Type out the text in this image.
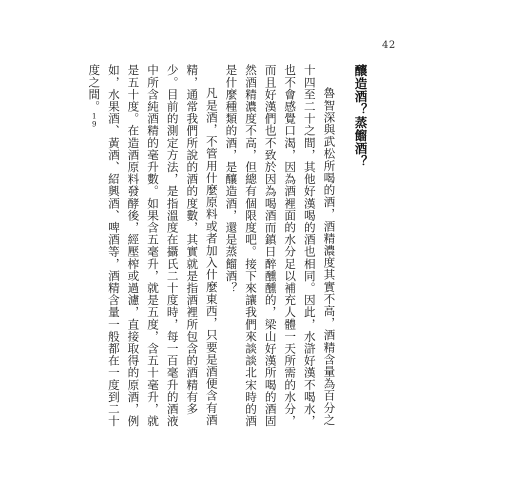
42
釀造酒？蒸餾酒？

魯智深與武松所喝的酒，酒精濃度其實不高，酒精含量為百分之十四至二十之間，其他好漢喝的酒也相同。因此，水滸好漢不喝水，也不會感覺口渴，因為酒裡面的水分足以補充人體一天所需的水分，而且好漢們也不致於因為喝酒而鎮日醉醺醺的，梁山好漢所喝的酒固然酒精濃度不高，但總有個限度吧。接下來讓我們來談談北宋時的酒是什麼種類的酒，是釀造酒，還是蒸餾酒？

凡是酒，不管用什麼原料或者加入什麼東西，只要是酒便含有酒精，通常我們所說的酒的度數，其實就是指酒裡所包含的酒精有多少。目前的測定方法，是指溫度在攝氏二十度時，每一百毫升的酒液中所含純酒精的毫升數。如果含五毫升，就是五度，含五十毫升，就是五十度。在造酒原料發酵後，經壓榨或過濾，直接取得的原酒，例如，水果酒、黃酒、紹興酒、啤酒等，酒精含量一般都在一度到二十度之間。19
